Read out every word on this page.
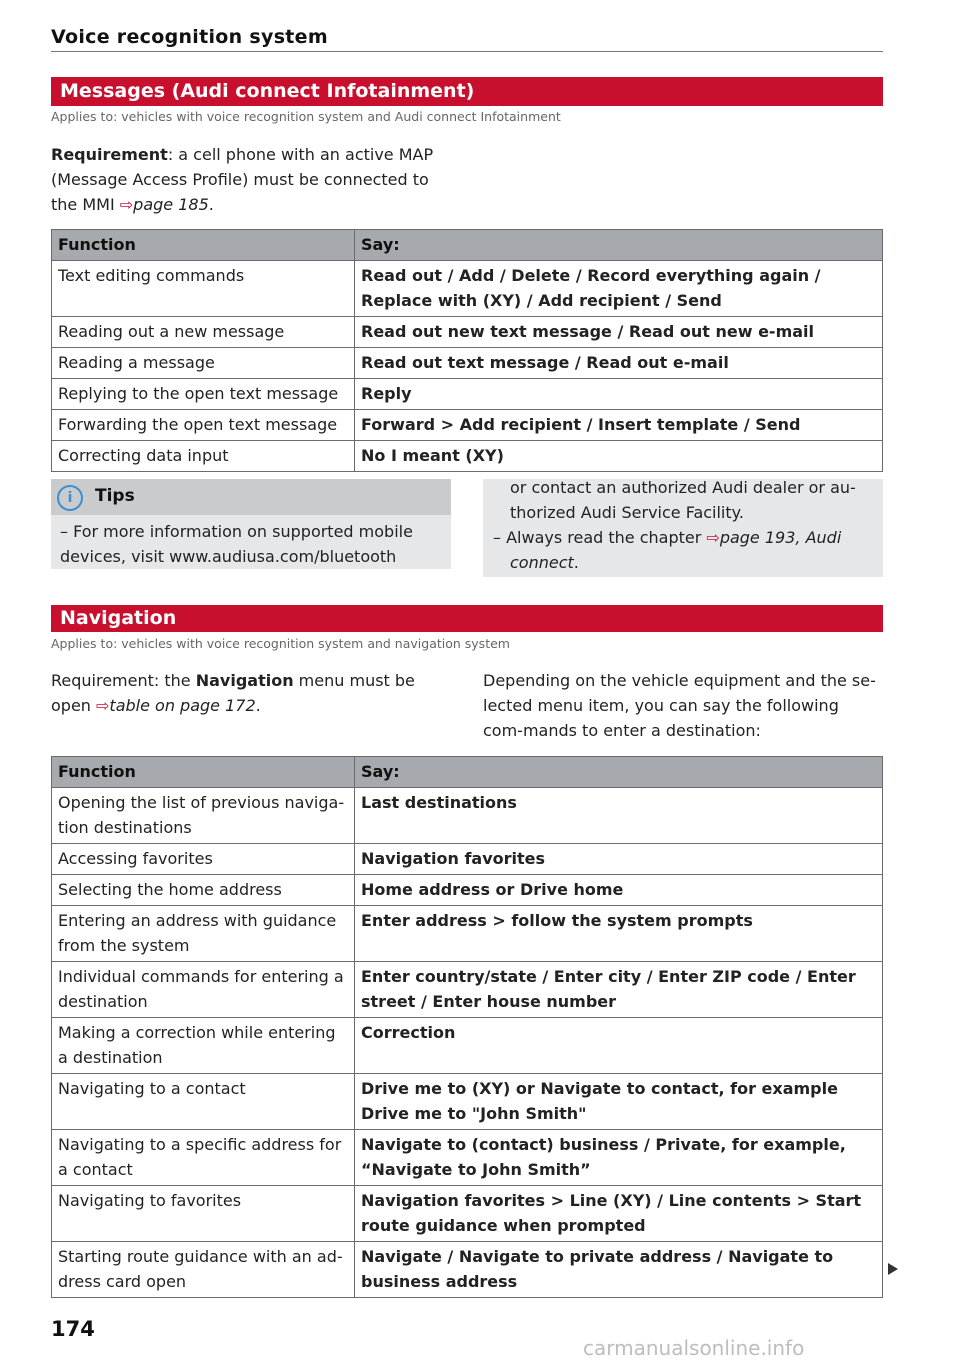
Voice recognition system
Messages (Audi connect Infotainment)
Applies to: vehicles with voice recognition system and Audi connect Infotainment
Requirement: a cell phone with an active MAP (Message Access Profile) must be connected to the MMI ⇨page 185.
Function	Say:
Text editing commands	Read out / Add / Delete / Record everything again / Replace with (XY) / Add recipient / Send
Reading out a new message	Read out new text message / Read out new e-mail
Reading a message	Read out text message / Read out e-mail
Replying to the open text message	Reply
Forwarding the open text message	Forward > Add recipient / Insert template / Send
Correcting data input	No I meant (XY)
i	Tips
– For more information on supported mobile devices, visit www.audiusa.com/bluetooth
or contact an authorized Audi dealer or au-thorized Audi Service Facility.
– Always read the chapter ⇨page 193, Audi connect.
Navigation
Applies to: vehicles with voice recognition system and navigation system
Requirement: the Navigation menu must be open ⇨table on page 172.
Depending on the vehicle equipment and the se-lected menu item, you can say the following com-mands to enter a destination:
Function	Say:
Opening the list of previous naviga-tion destinations	Last destinations
Accessing favorites	Navigation favorites
Selecting the home address	Home address or Drive home
Entering an address with guidance from the system	Enter address > follow the system prompts
Individual commands for entering a destination	Enter country/state / Enter city / Enter ZIP code / Enter street / Enter house number
Making a correction while entering a destination	Correction
Navigating to a contact	Drive me to (XY) or Navigate to contact, for example Drive me to "John Smith"
Navigating to a specific address for a contact	Navigate to (contact) business / Private, for example, “Navigate to John Smith”
Navigating to favorites	Navigation favorites > Line (XY) / Line contents > Start route guidance when prompted
Starting route guidance with an ad-dress card open	Navigate / Navigate to private address / Navigate to business address
174
carmanualsonline.info
